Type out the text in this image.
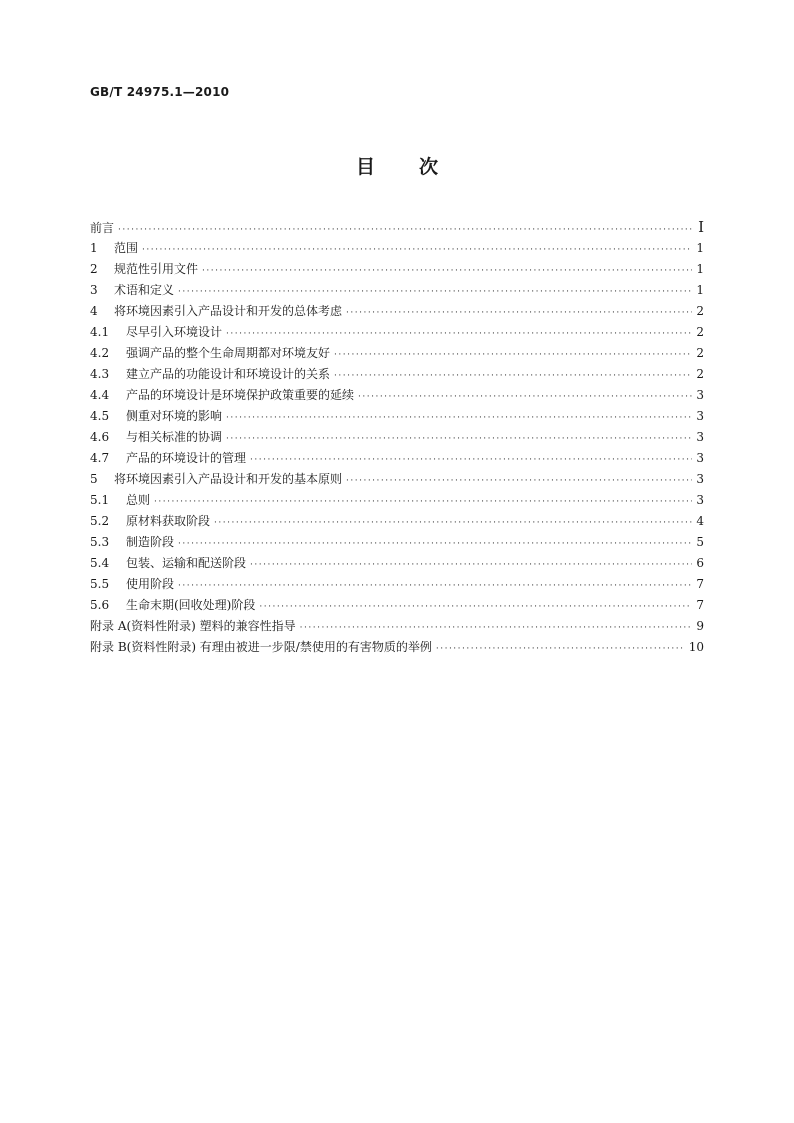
GB/T 24975.1—2010
目次
前言 ·····	I
1	范围 ·····	1
2	规范性引用文件 ·····	1
3	术语和定义 ·····	1
4	将环境因素引入产品设计和开发的总体考虑 ·····	2
4.1	尽早引入环境设计 ·····	2
4.2	强调产品的整个生命周期都对环境友好 ·····	2
4.3	建立产品的功能设计和环境设计的关系 ·····	2
4.4	产品的环境设计是环境保护政策重要的延续 ·····	3
4.5	侧重对环境的影响 ·····	3
4.6	与相关标准的协调 ·····	3
4.7	产品的环境设计的管理 ·····	3
5	将环境因素引入产品设计和开发的基本原则 ·····	3
5.1	总则 ·····	3
5.2	原材料获取阶段 ·····	4
5.3	制造阶段 ·····	5
5.4	包装、运输和配送阶段 ·····	6
5.5	使用阶段 ·····	7
5.6	生命末期(回收处理)阶段 ·····	7
附录 A(资料性附录) 塑料的兼容性指导 ·····	9
附录 B(资料性附录) 有理由被进一步限/禁使用的有害物质的举例 ·····	10
